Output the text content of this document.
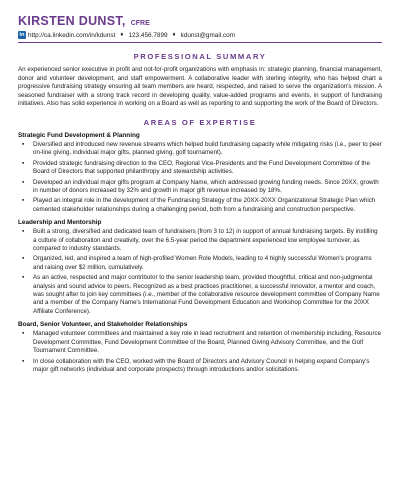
KIRSTEN DUNST, CFRE
in http://ca.linkedin.com/in/kdunst ♦ 123.456.7899 ♦ kdunst@gmail.com
PROFESSIONAL SUMMARY
An experienced senior executive in profit and not-for-profit organizations with emphasis in: strategic planning, financial management, donor and volunteer development, and staff empowerment. A collaborative leader with sterling integrity, who has helped chart a progressive fundraising strategy ensuring all team members are heard, respected, and raised to serve the organization's mission. A seasoned fundraiser with a strong track record in developing quality, value-added programs and events, in support of fundraising initiatives. Also has solid experience in working on a Board as well as reporting to and supporting the work of the Board of Directors.
AREAS OF EXPERTISE
Strategic Fund Development & Planning
▪ Diversified and introduced new revenue streams which helped build fundraising capacity while mitigating risks (i.e., peer to peer on-line giving, individual major gifts, planned giving, golf tournament).
▪ Provided strategic fundraising direction to the CEO, Regional Vice-Presidents and the Fund Development Committee of the Board of Directors that supported philanthropy and stewardship activities.
▪ Developed an individual major gifts program at Company Name, which addressed growing funding needs. Since 20XX, growth in number of donors increased by 32% and growth in major gift revenue increased by 18%.
▪ Played an integral role in the development of the Fundraising Strategy of the 20XX-20XX Organizational Strategic Plan which cemented stakeholder relationships during a challenging period, both from a fundraising and construction perspective.
Leadership and Mentorship
▪ Built a strong, diversified and dedicated team of fundraisers (from 3 to 12) in support of annual fundraising targets. By instilling a culture of collaboration and creativity, over the 6.5-year period the department experienced low employee turnover, as compared to industry standards.
▪ Organized, led, and inspired a team of high-profiled Women Role Models, leading to 4 highly successful Women's programs and raising over $2 million, cumulatively.
▪ As an active, respected and major contributor to the senior leadership team, provided thoughtful, critical and non-judgmental analysis and sound advice to peers. Recognized as a best practices practitioner, a successful innovator, a mentor and coach, was sought after to join key committees (i.e., member of the collaborative resource development committee of Company Name and a member of the Company Name's International Fund Development Education and Workshop Committee for the 20XX Affiliate Conference).
Board, Senior Volunteer, and Stakeholder Relationships
▪ Managed volunteer committees and maintained a key role in lead recruitment and retention of membership including, Resource Development Committee, Fund Development Committee of the Board, Planned Giving Advisory Committee, and the Golf Tournament Committee.
▪ In close collaboration with the CEO, worked with the Board of Directors and Advisory Council in helping expand Company's major gift networks (individual and corporate prospects) through introductions and/or solicitations.
